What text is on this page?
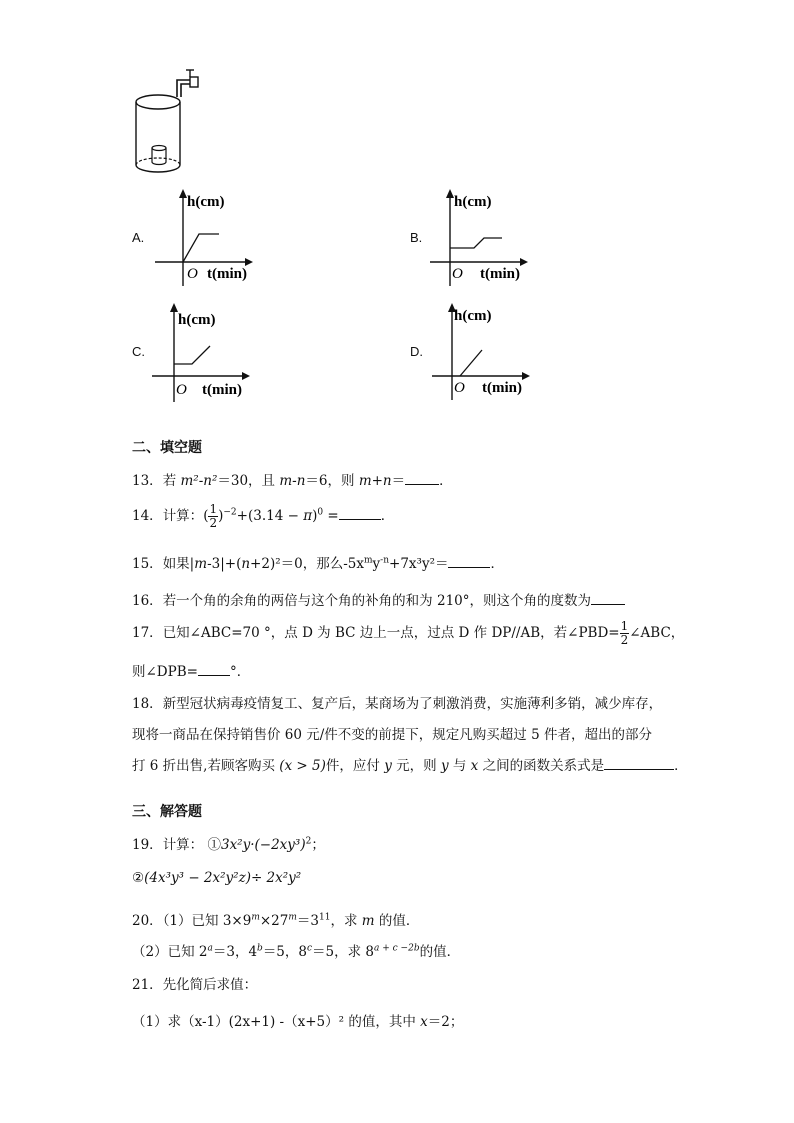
A.
h(cm)
O t(min)
B.
h(cm)
O t(min)
C.
h(cm)
O t(min)
D.
h(cm)
O t(min)
二、填空题
13．若 m²-n²＝30，且 m-n＝6，则 m+n＝	．
14．计算：( $\frac{1}{2} )^{-2}+(3.14 - \pi)^0$ =	．
15．如果|m-3|+(n+2)²＝0，那么$-5x^my^{-n}+7x^3y^2=$	．
16．若一个角的余角的两倍与这个角的补角的和为 210°，则这个角的度数为
17．已知∠ABC=70 °，点 D 为 BC 边上一点，过点 D 作 DP//AB，若∠PBD= $\frac{1}{2}$ ∠ABC，
则∠DPB= °．
18．新型冠状病毒疫情复工、复产后，某商场为了刺激消费，实施薄利多销，减少库存，
现将一商品在保持销售价 60 元/件不变的前提下，规定凡购买超过 5 件者，超出的部分
打 6 折出售,若顾客购买 (x > 5)件，应付 y 元，则 y 与 x 之间的函数关系式是	．
三、解答题
19．计算： $①3x^2y\cdot(-2xy^3)^2$；
②(4x³y³ − 2x²y²z)÷ 2x²y²
20．（1）已知 $3\times 9^m\times 27^m=3^{11}$，求 m 的值．
（2）已知 $2^a=3$，$4^b=5$，$8^c=5$，求 $8^{a + c -2b}$的值．
21．先化简后求值：
（1）求（x-1）(2x+1) -（x+5）² 的值，其中 x＝2；
